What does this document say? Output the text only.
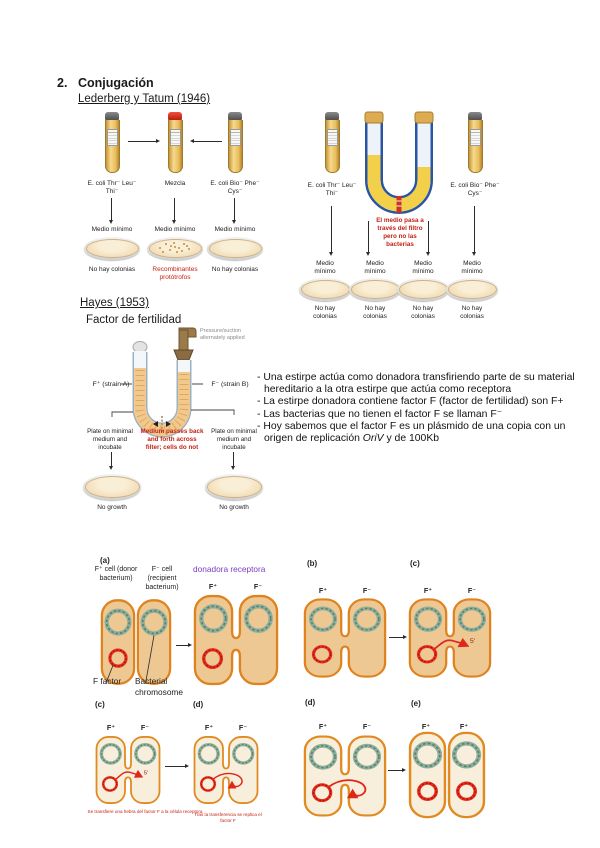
2. Conjugación
Lederberg y Tatum (1946)
E. coli Thr⁻ Leu⁻ Thi⁻
Mezcla	E. coli Bio⁻ Phe⁻ Cys⁻
Medio mínimo	Medio mínimo	Medio mínimo
No hay colonias	Recombinantes protótrofos
No hay colonias
E. coli Thr⁻ Leu⁻ Thi⁻
E. coli Bio⁻ Phe⁻ Cys⁻
El medio pasa a través del filtro pero no las bacterias
Medio mínimo
Medio mínimo
Medio mínimo
Medio mínimo
No hay colonias
No hay colonias
No hay colonias
No hay colonias
Hayes (1953)
Factor de fertilidad
Pressure/suction alternately applied
F⁺ (strain A)	F⁻ (strain B)
Medium passes back and forth across filter; cells do not
Plate on minimal medium and incubate
Plate on minimal medium and incubate
No growth	No growth

- Una estirpe actúa como donadora transfiriendo parte de su material hereditario a la otra estirpe que actúa como receptora

- La estirpe donadora contiene factor F (factor de fertilidad) son F+

- Las bacterias que no tienen el factor F se llaman F⁻

- Hoy sabemos que el factor F es un plásmido de una copia con un origen de replicación OriV y de 100Kb

(a)
F⁺ cell (donor bacterium)
F⁻ cell (recipient bacterium)
donadora receptora
F⁺	F⁻
F factor	Bacterial chromosome
(b)
F⁺	F⁻
(c)
F⁺	F⁻
5′
(c)
F⁺	F⁻
5′
(d)
F⁺	F⁻
Se transfiere una hebra del factor F a la célula receptora
Tras la transferencia se replica el factor F
(d)
F⁺	F⁻
(e)
F⁺	F⁺
